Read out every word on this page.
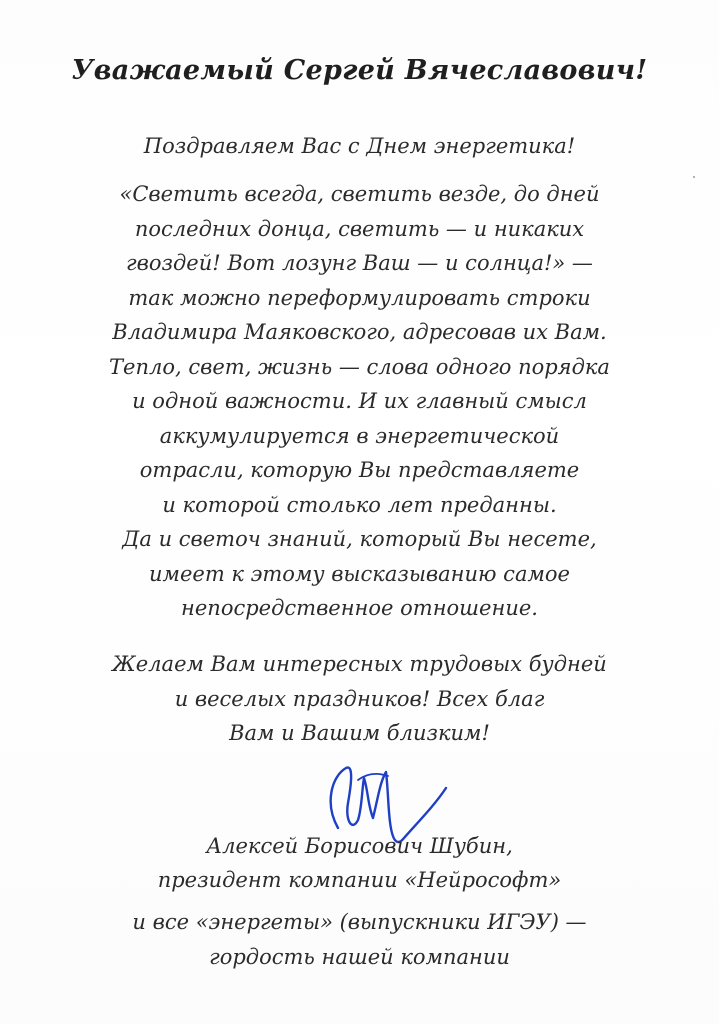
Уважаемый Сергей Вячеславович!

Поздравляем Вас с Днем энергетика!

«Светить всегда, светить везде, до дней

последних донца, светить — и никаких

гвоздей! Вот лозунг Ваш — и солнца!» —

так можно переформулировать строки

Владимира Маяковского, адресовав их Вам.

Тепло, свет, жизнь — слова одного порядка

и одной важности. И их главный смысл

аккумулируется в энергетической

отрасли, которую Вы представляете

и которой столько лет преданны.

Да и светоч знаний, который Вы несете,

имеет к этому высказыванию самое

непосредственное отношение.

Желаем Вам интересных трудовых будней

и веселых праздников! Всех благ

Вам и Вашим близким!

Алексей Борисович Шубин,

президент компании «Нейрософт»

и все «энергеты» (выпускники ИГЭУ) —

гордость нашей компании
